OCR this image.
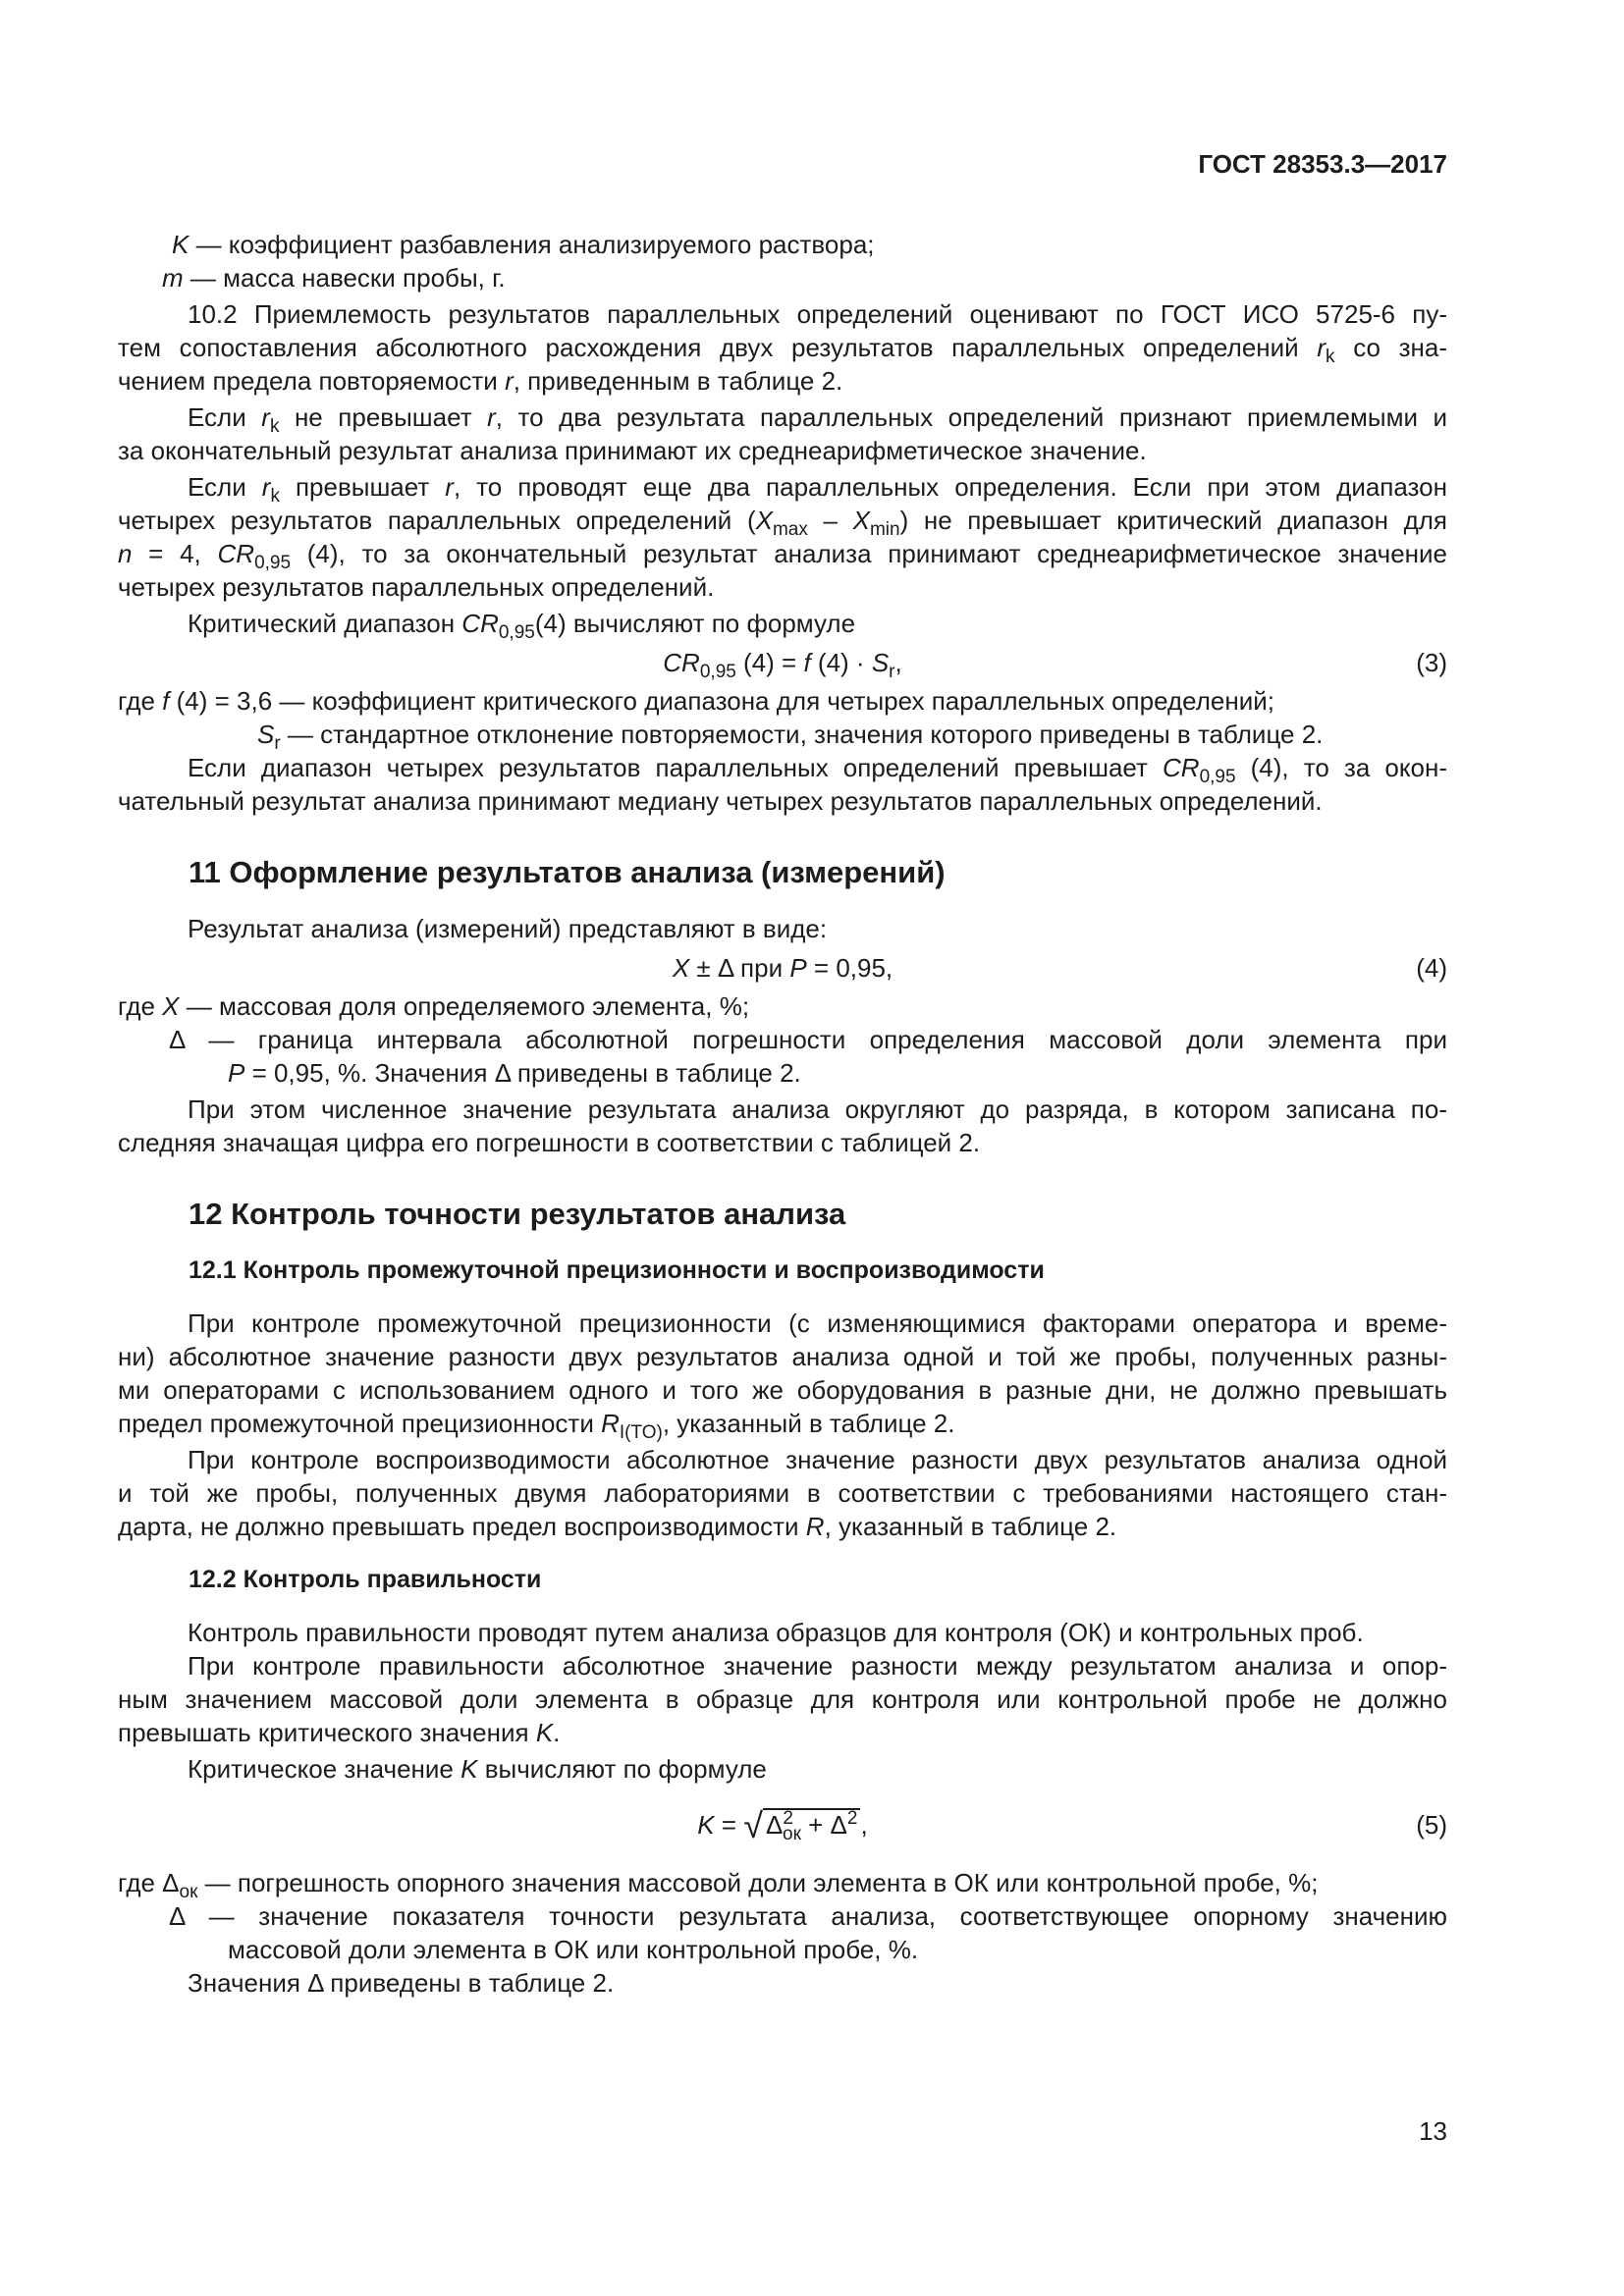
ГОСТ 28353.3—2017

K — коэффициент разбавления анализируемого раствора;

m — масса навески пробы, г.

10.2 Приемлемость результатов параллельных определений оценивают по ГОСТ ИСО 5725-6 пу-

тем сопоставления абсолютного расхождения двух результатов параллельных определений $r_k$ со зна-

чением предела повторяемости r, приведенным в таблице 2.

Если $r_k$ не превышает r, то два результата параллельных определений признают приемлемыми и

за окончательный результат анализа принимают их среднеарифметическое значение.

Если $r_k$ превышает r, то проводят еще два параллельных определения. Если при этом диапазон

четырех результатов параллельных определений $(X_{max} - X_{min})$ не превышает критический диапазон для

n = 4, $CR_{0,95}$ (4), то за окончательный результат анализа принимают среднеарифметическое значение

четырех результатов параллельных определений.

Критический диапазон $CR_{0,95}(4)$ вычисляют по формуле

$CR_{0,95}$ (4) = f $(4) \cdot S_r$,	(3)

где f (4) = 3,6 — коэффициент критического диапазона для четырех параллельных определений;

$S_r$ — стандартное отклонение повторяемости, значения которого приведены в таблице 2.

Если диапазон четырех результатов параллельных определений превышает $CR_{0,95}$ (4), то за окон-

чательный результат анализа принимают медиану четырех результатов параллельных определений.

11 Оформление результатов анализа (измерений)

Результат анализа (измерений) представляют в виде:

X ± Δ при P = 0,95,	(4)

где X — массовая доля определяемого элемента, %;

Δ — граница интервала абсолютной погрешности определения массовой доли элемента при

P = 0,95, %. Значения Δ приведены в таблице 2.

При этом численное значение результата анализа округляют до разряда, в котором записана по-

следняя значащая цифра его погрешности в соответствии с таблицей 2.

12 Контроль точности результатов анализа
12.1 Контроль промежуточной прецизионности и воспроизводимости

При контроле промежуточной прецизионности (с изменяющимися факторами оператора и време-

ни) абсолютное значение разности двух результатов анализа одной и той же пробы, полученных разны-

ми операторами с использованием одного и того же оборудования в разные дни, не должно превышать

предел промежуточной прецизионности $R_{I(TO)}$, указанный в таблице 2.

При контроле воспроизводимости абсолютное значение разности двух результатов анализа одной

и той же пробы, полученных двумя лабораториями в соответствии с требованиями настоящего стан-

дарта, не должно превышать предел воспроизводимости R, указанный в таблице 2.

12.2 Контроль правильности

Контроль правильности проводят путем анализа образцов для контроля (ОК) и контрольных проб.

При контроле правильности абсолютное значение разности между результатом анализа и опор-

ным значением массовой доли элемента в образце для контроля или контрольной пробе не должно

превышать критического значения K.

Критическое значение K вычисляют по формуле

K = √ $\Delta^2_{ок} + \Delta^2$ ,	(5)

где $\Delta_{ок}$ — погрешность опорного значения массовой доли элемента в ОК или контрольной пробе, %;

Δ — значение показателя точности результата анализа, соответствующее опорному значению

массовой доли элемента в ОК или контрольной пробе, %.

Значения Δ приведены в таблице 2.

13
